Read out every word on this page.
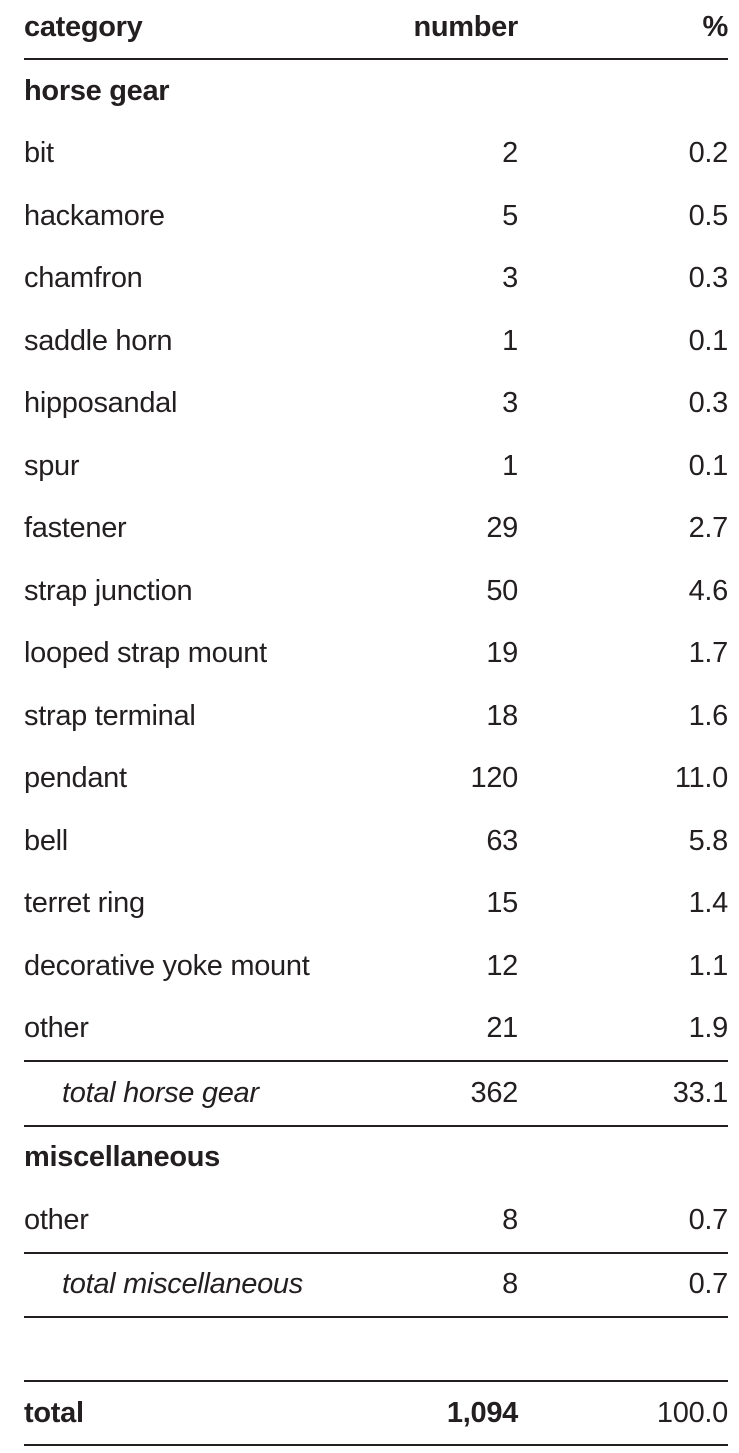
category	number	%
horse gear		
bit	2	0.2
hackamore	5	0.5
chamfron	3	0.3
saddle horn	1	0.1
hipposandal	3	0.3
spur	1	0.1
fastener	29	2.7
strap junction	50	4.6
looped strap mount	19	1.7
strap terminal	18	1.6
pendant	120	11.0
bell	63	5.8
terret ring	15	1.4
decorative yoke mount	12	1.1
other	21	1.9
total horse gear	362	33.1
miscellaneous		
other	8	0.7
total miscellaneous	8	0.7

total	1,094	100.0
